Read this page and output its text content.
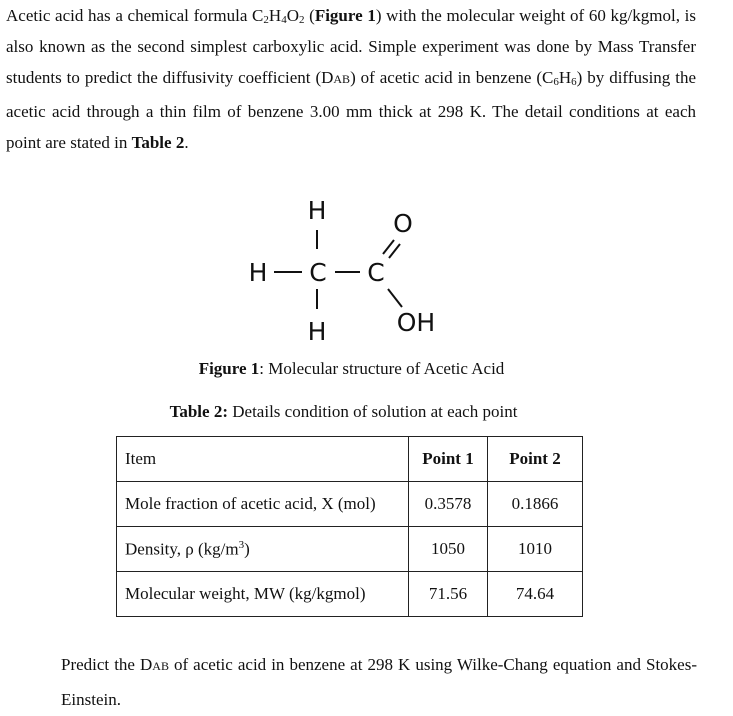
Acetic acid has a chemical formula $C_2H_4O_2$ (Figure 1) with the molecular weight of 60 kg/kgmol, is also known as the second simplest carboxylic acid. Simple experiment was done by Mass Transfer students to predict the diffusivity coefficient (DAB) of acetic acid in benzene $(C_6H_6)$ by diffusing the acetic acid through a thin film of benzene 3.00 mm thick at 298 K. The detail conditions at each point are stated in Table 2.

H
H C C
H
O
OH
Figure 1: Molecular structure of Acetic Acid
Table 2: Details condition of solution at each point
Item	Point 1	Point 2
Mole fraction of acetic acid, X (mol)	0.3578	0.1866
Density, ρ $(kg/m^3)$	1050	1010
Molecular weight, MW (kg/kgmol)	71.56	74.64

Predict the DAB of acetic acid in benzene at 298 K using Wilke-Chang equation and Stokes-Einstein.
